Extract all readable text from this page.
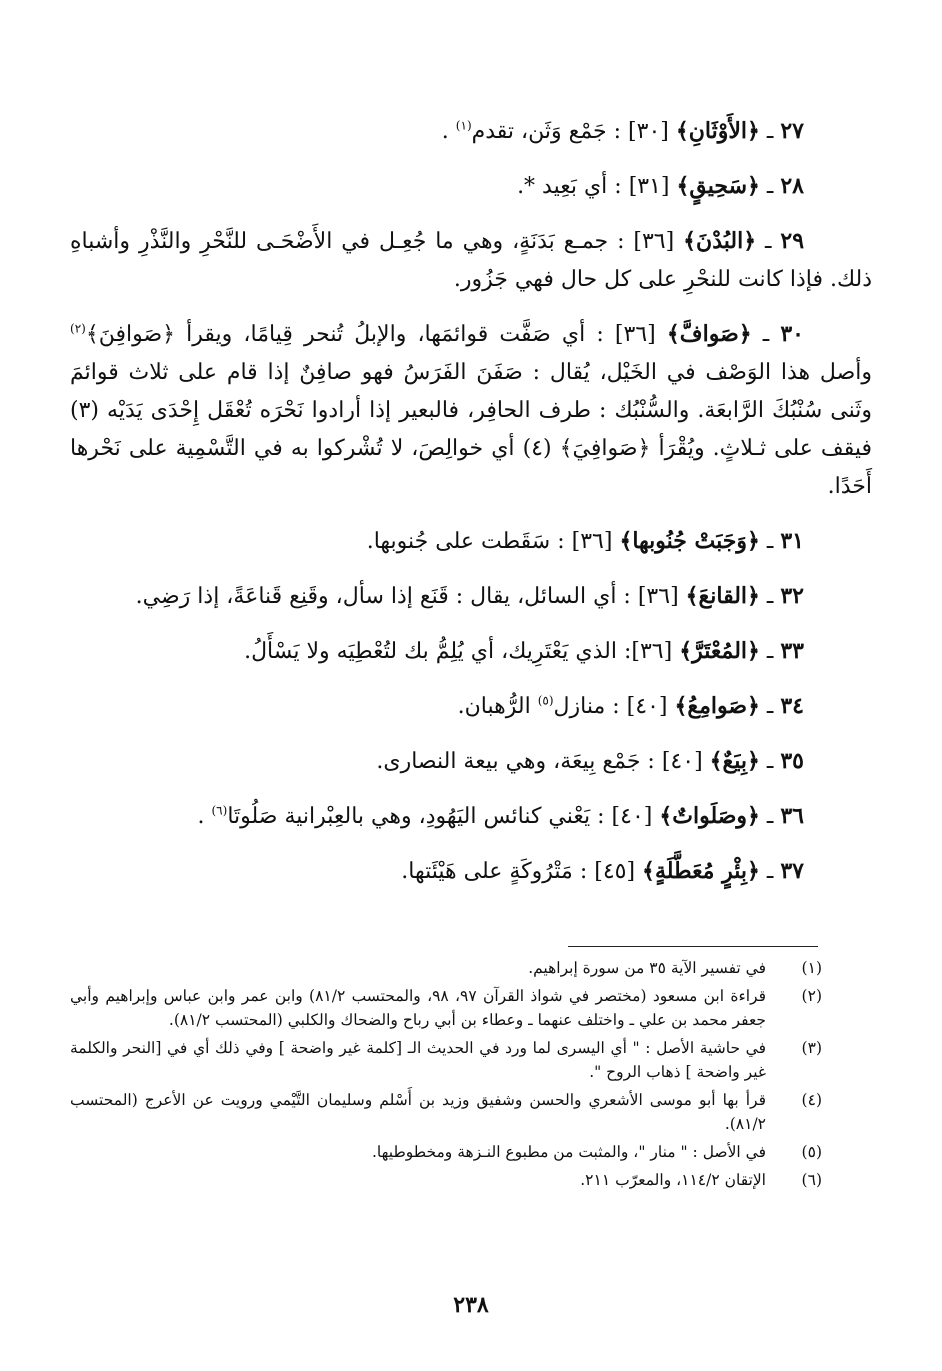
٢٧ ـ ﴿الأَوْثَانِ﴾ [٣٠] : جَمْع وَثَن، تقدم$^{(١)}$ .

٢٨ ـ ﴿سَحِيقٍ﴾ [٣١] : أي بَعِيد *.

٢٩ ـ ﴿البُدْنَ﴾ [٣٦] : جمـع بَدَنَةٍ، وهي ما جُعِـل في الأَضْحَـى للنَّحْرِ والنَّذْرِ وأشباهِ ذلك. فإذا كانت للنحْرِ على كل حال فهي جَزُور.

٣٠ ـ ﴿صَوافَّ﴾ [٣٦] : أي صَفَّت قوائمَها، والإبلُ تُنحر قِيامًا، ويقرأ ﴿صَوافِنَ﴾$^{(٢)}$ وأصل هذا الوَصْف في الخَيْل، يُقال : صَفَنَ الفَرَسُ فهو صافِنٌ إذا قام على ثلاث قوائمَ وثَنى سُنْبُكَ الرَّابعَة. والسُّنْبُك : طرف الحافِر، فالبعير إذا أرادوا نَحْرَه تُعْقَل إِحْدَى يَدَيْه (٣) فيقف على ثـلاثٍ. ويُقْرَأ ﴿صَوافِيَ﴾ (٤) أي خوالِصَ، لا تُشْركوا به في التَّسْمِية على نَحْرها أَحَدًا.

٣١ ـ ﴿وَجَبَتْ جُنُوبها﴾ [٣٦] : سَقَطت على جُنوبها.

٣٢ ـ ﴿القانعَ﴾ [٣٦] : أي السائل، يقال : قَنَع إذا سأل، وقَنِع قَناعَةً، إذا رَضِي.

٣٣ ـ ﴿المُعْتَرَّ﴾ [٣٦]: الذي يَعْتَرِيك، أي يُلِمُّ بك لتُعْطِيَه ولا يَسْأَلُ.

٣٤ ـ ﴿صَوامِعُ﴾ [٤٠] : منازل$^{(٥)}$ الرُّهبان.

٣٥ ـ ﴿بِيَعٌ﴾ [٤٠] : جَمْع بِيعَة، وهي بيعة النصارى.

٣٦ ـ ﴿وصَلَواتٌ﴾ [٤٠] : يَعْني كنائس اليَهُودِ، وهي بالعِبْرانية صَلُوتَا$^{(٦)}$ .

٣٧ ـ ﴿بِئْرٍ مُعَطَّلَةٍ﴾ [٤٥] : مَتْرُوكَةٍ على هَيْئَتها.

(١)
في تفسير الآية ٣٥ من سورة إبراهيم.
(٢)
قراءة ابن مسعود (مختصر في شواذ القرآن ٩٧، ٩٨، والمحتسب ٨١/٢) وابن عمر وابن عباس وإبراهيم وأبي جعفر محمد بن علي ـ واختلف عنهما ـ وعطاء بن أبي رباح والضحاك والكلبي (المحتسب ٨١/٢).
(٣)
في حاشية الأصل : " أي اليسرى لما ورد في الحديث الـ [كلمة غير واضحة ] وفي ذلك أي في [النحر والكلمة غير واضحة ] ذهاب الروح ".
(٤)
قرأ بها أبو موسى الأشعري والحسن وشفيق وزيد بن أَسْلم وسليمان التَّيْمي ورويت عن الأعرج (المحتسب ٨١/٢).
(٥)
في الأصل : " منار "، والمثبت من مطبوع النـزهة ومخطوطيها.
(٦)
الإتقان ١١٤/٢، والمعرّب ٢١١.
٢٣٨
